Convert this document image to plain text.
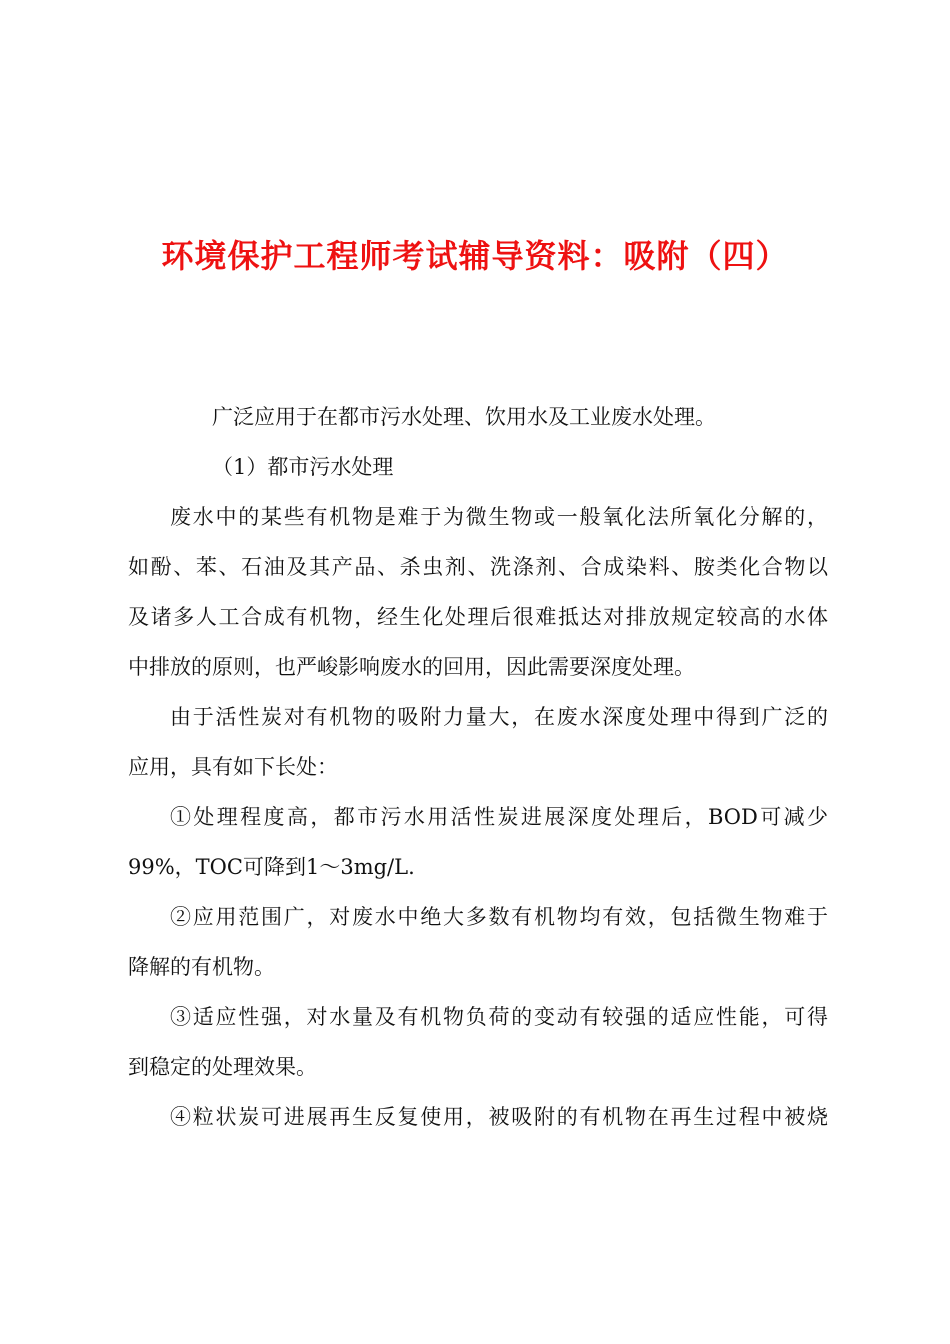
环境保护工程师考试辅导资料：吸附（四）

广泛应用于在都市污水处理、饮用水及工业废水处理。

（1）都市污水处理

废水中的某些有机物是难于为微生物或一般氧化法所氧化分解的，
如酚、苯、石油及其产品、杀虫剂、洗涤剂、合成染料、胺类化合物以
及诸多人工合成有机物，经生化处理后很难抵达对排放规定较高的水体
中排放的原则，也严峻影响废水的回用，因此需要深度处理。

由于活性炭对有机物的吸附力量大，在废水深度处理中得到广泛的
应用，具有如下长处：

①处理程度高，都市污水用活性炭进展深度处理后，BOD可减少
99%，TOC可降到1～3mg/L.

②应用范围广，对废水中绝大多数有机物均有效，包括微生物难于
降解的有机物。

③适应性强，对水量及有机物负荷的变动有较强的适应性能，可得
到稳定的处理效果。

④粒状炭可进展再生反复使用，被吸附的有机物在再生过程中被烧
